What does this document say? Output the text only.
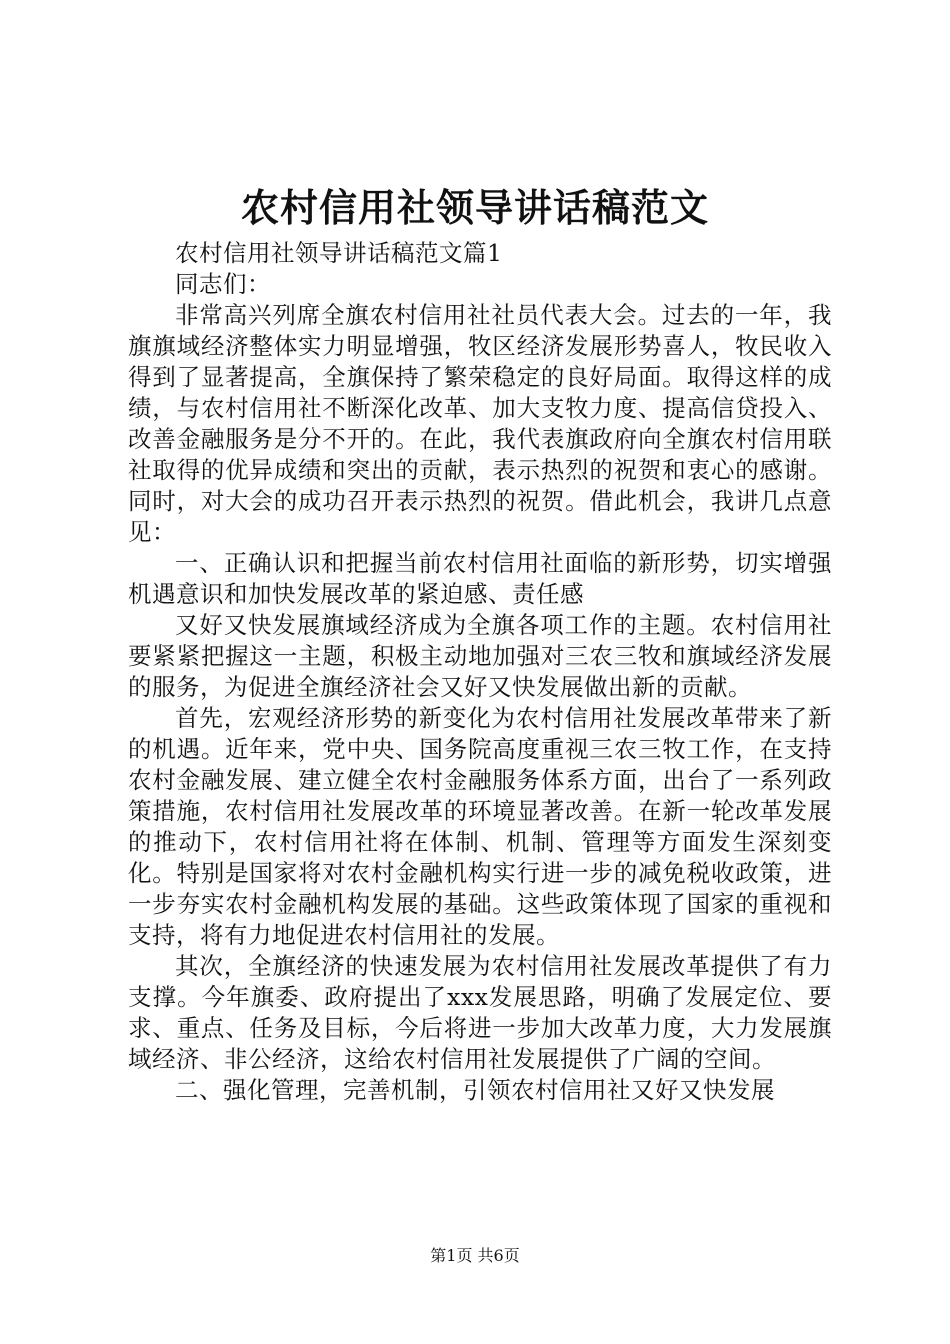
农村信用社领导讲话稿范文

农村信用社领导讲话稿范文篇1

同志们：

非常高兴列席全旗农村信用社社员代表大会。过去的一年，我旗旗域经济整体实力明显增强，牧区经济发展形势喜人，牧民收入得到了显著提高，全旗保持了繁荣稳定的良好局面。取得这样的成绩，与农村信用社不断深化改革、加大支牧力度、提高信贷投入、改善金融服务是分不开的。在此，我代表旗政府向全旗农村信用联社取得的优异成绩和突出的贡献，表示热烈的祝贺和衷心的感谢。同时，对大会的成功召开表示热烈的祝贺。借此机会，我讲几点意见：

一、正确认识和把握当前农村信用社面临的新形势，切实增强机遇意识和加快发展改革的紧迫感、责任感

又好又快发展旗域经济成为全旗各项工作的主题。农村信用社要紧紧把握这一主题，积极主动地加强对三农三牧和旗域经济发展的服务，为促进全旗经济社会又好又快发展做出新的贡献。

首先，宏观经济形势的新变化为农村信用社发展改革带来了新的机遇。近年来，党中央、国务院高度重视三农三牧工作，在支持农村金融发展、建立健全农村金融服务体系方面，出台了一系列政策措施，农村信用社发展改革的环境显著改善。在新一轮改革发展的推动下，农村信用社将在体制、机制、管理等方面发生深刻变化。特别是国家将对农村金融机构实行进一步的减免税收政策，进一步夯实农村金融机构发展的基础。这些政策体现了国家的重视和支持，将有力地促进农村信用社的发展。

其次，全旗经济的快速发展为农村信用社发展改革提供了有力支撑。今年旗委、政府提出了xxx发展思路，明确了发展定位、要求、重点、任务及目标，今后将进一步加大改革力度，大力发展旗域经济、非公经济，这给农村信用社发展提供了广阔的空间。

二、强化管理，完善机制，引领农村信用社又好又快发展

第1页 共6页
